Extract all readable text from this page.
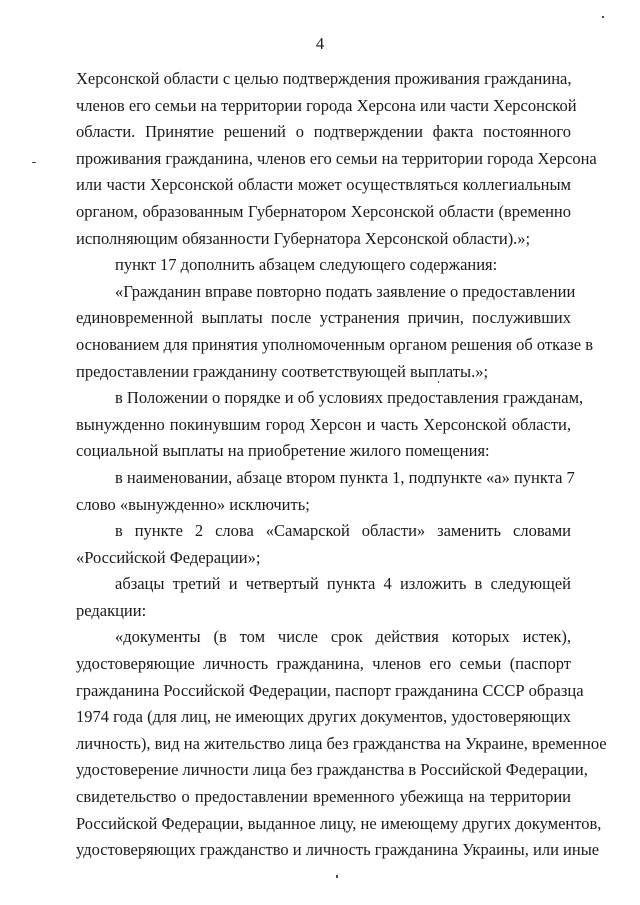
4
Херсонской области с целью подтверждения проживания гражданина,
членов его семьи на территории города Херсона или части Херсонской
области. Принятие решений о подтверждении факта постоянного
проживания гражданина, членов его семьи на территории города Херсона
или части Херсонской области может осуществляться коллегиальным
органом, образованным Губернатором Херсонской области (временно
исполняющим обязанности Губернатора Херсонской области).»;
пункт 17 дополнить абзацем следующего содержания:
«Гражданин вправе повторно подать заявление о предоставлении
единовременной выплаты после устранения причин, послуживших
основанием для принятия уполномоченным органом решения об отказе в
предоставлении гражданину соответствующей выплаты.»;
в Положении о порядке и об условиях предоставления гражданам,
вынужденно покинувшим город Херсон и часть Херсонской области,
социальной выплаты на приобретение жилого помещения:
в наименовании, абзаце втором пункта 1, подпункте «а» пункта 7
слово «вынужденно» исключить;
в пункте 2 слова «Самарской области» заменить словами
«Российской Федерации»;
абзацы третий и четвертый пункта 4 изложить в следующей
редакции:
«документы (в том числе срок действия которых истек),
удостоверяющие личность гражданина, членов его семьи (паспорт
гражданина Российской Федерации, паспорт гражданина СССР образца
1974 года (для лиц, не имеющих других документов, удостоверяющих
личность), вид на жительство лица без гражданства на Украине, временное
удостоверение личности лица без гражданства в Российской Федерации,
свидетельство о предоставлении временного убежища на территории
Российской Федерации, выданное лицу, не имеющему других документов,
удостоверяющих гражданство и личность гражданина Украины, или иные
